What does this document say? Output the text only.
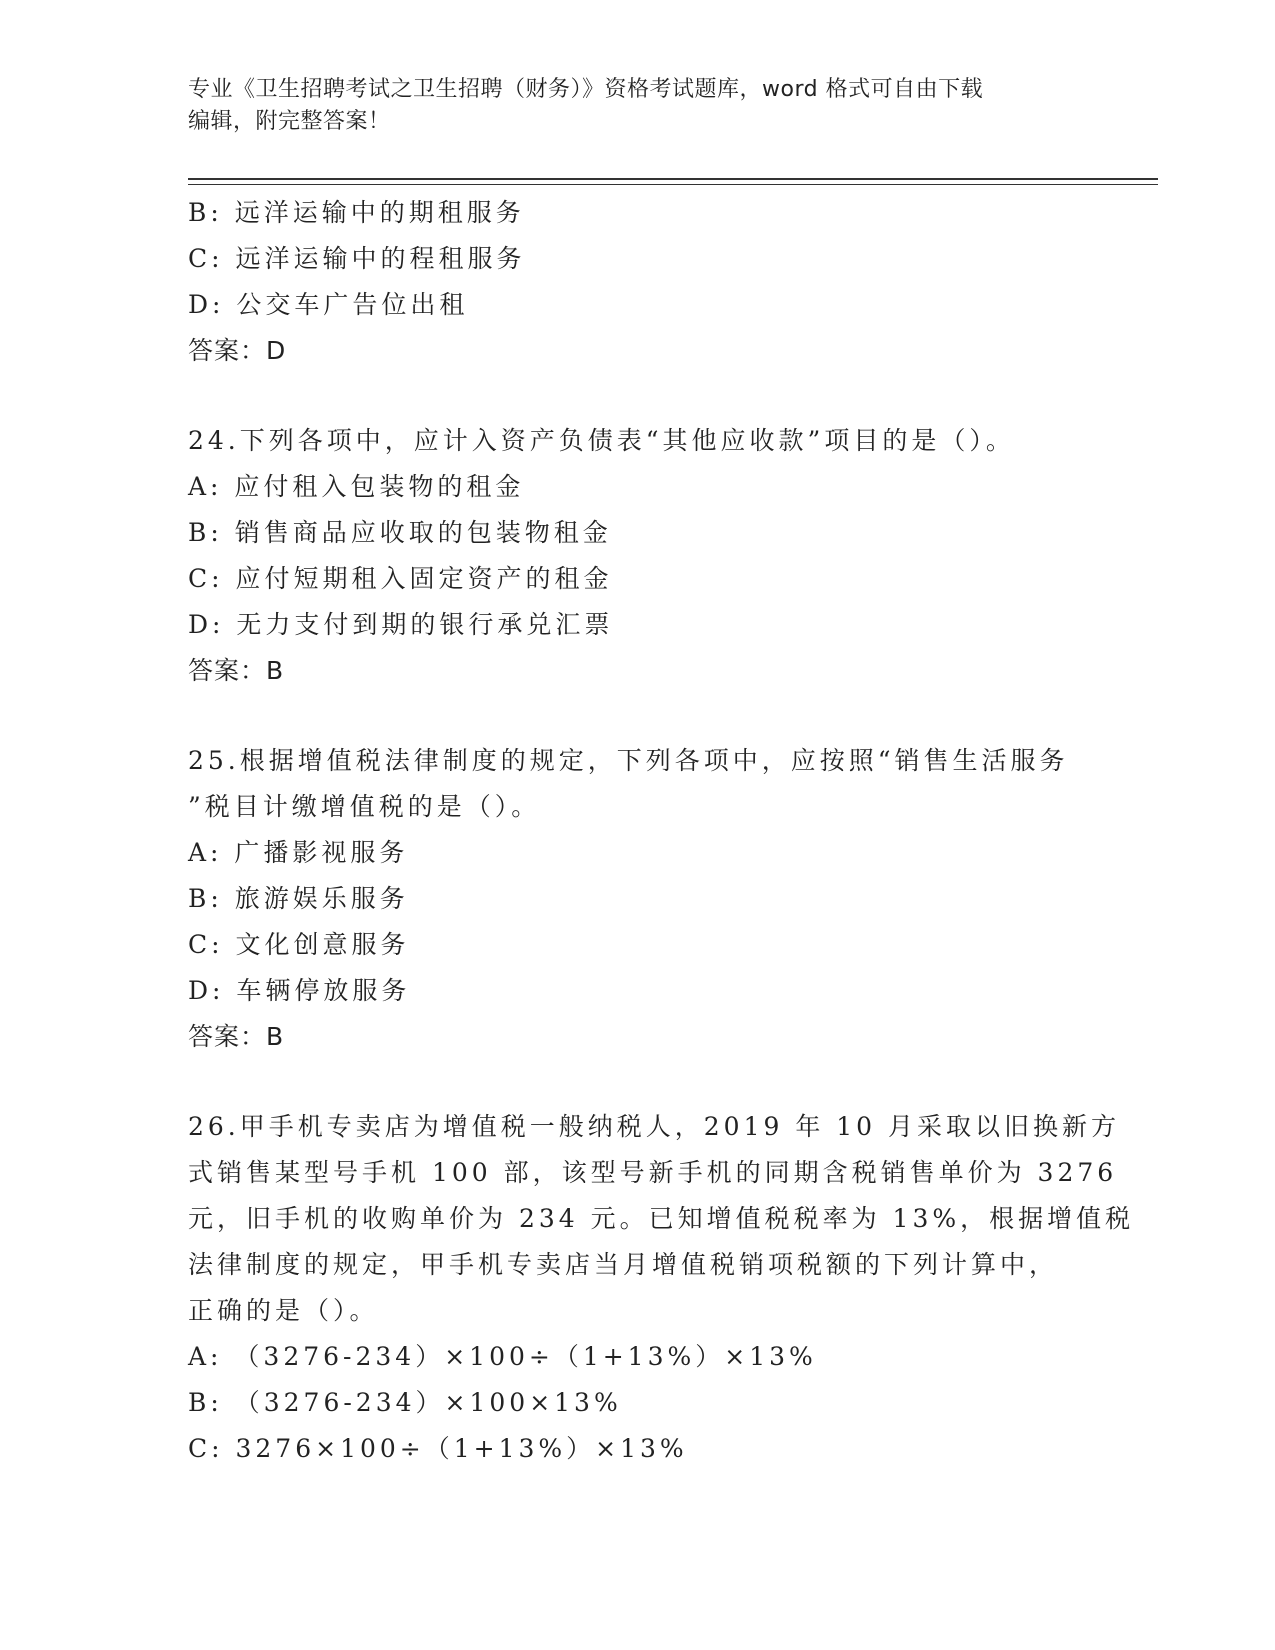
专业《卫生招聘考试之卫生招聘（财务）》资格考试题库，word 格式可自由下载
编辑，附完整答案！

B: 远洋运输中的期租服务

C: 远洋运输中的程租服务

D: 公交车广告位出租

答案：D

24.下列各项中，应计入资产负债表“其他应收款”项目的是（）。

A: 应付租入包装物的租金

B: 销售商品应收取的包装物租金

C: 应付短期租入固定资产的租金

D: 无力支付到期的银行承兑汇票

答案：B

25.根据增值税法律制度的规定，下列各项中，应按照“销售生活服务

”税目计缴增值税的是（）。

A: 广播影视服务

B: 旅游娱乐服务

C: 文化创意服务

D: 车辆停放服务

答案：B

26.甲手机专卖店为增值税一般纳税人，2019 年 10 月采取以旧换新方

式销售某型号手机 100 部，该型号新手机的同期含税销售单价为 3276

元，旧手机的收购单价为 234 元。已知增值税税率为 13%，根据增值税

法律制度的规定，甲手机专卖店当月增值税销项税额的下列计算中，

正确的是（）。

A: （3276-234）×100÷（1+13%）×13%

B: （3276-234）×100×13%

C: 3276×100÷（1+13%）×13%
